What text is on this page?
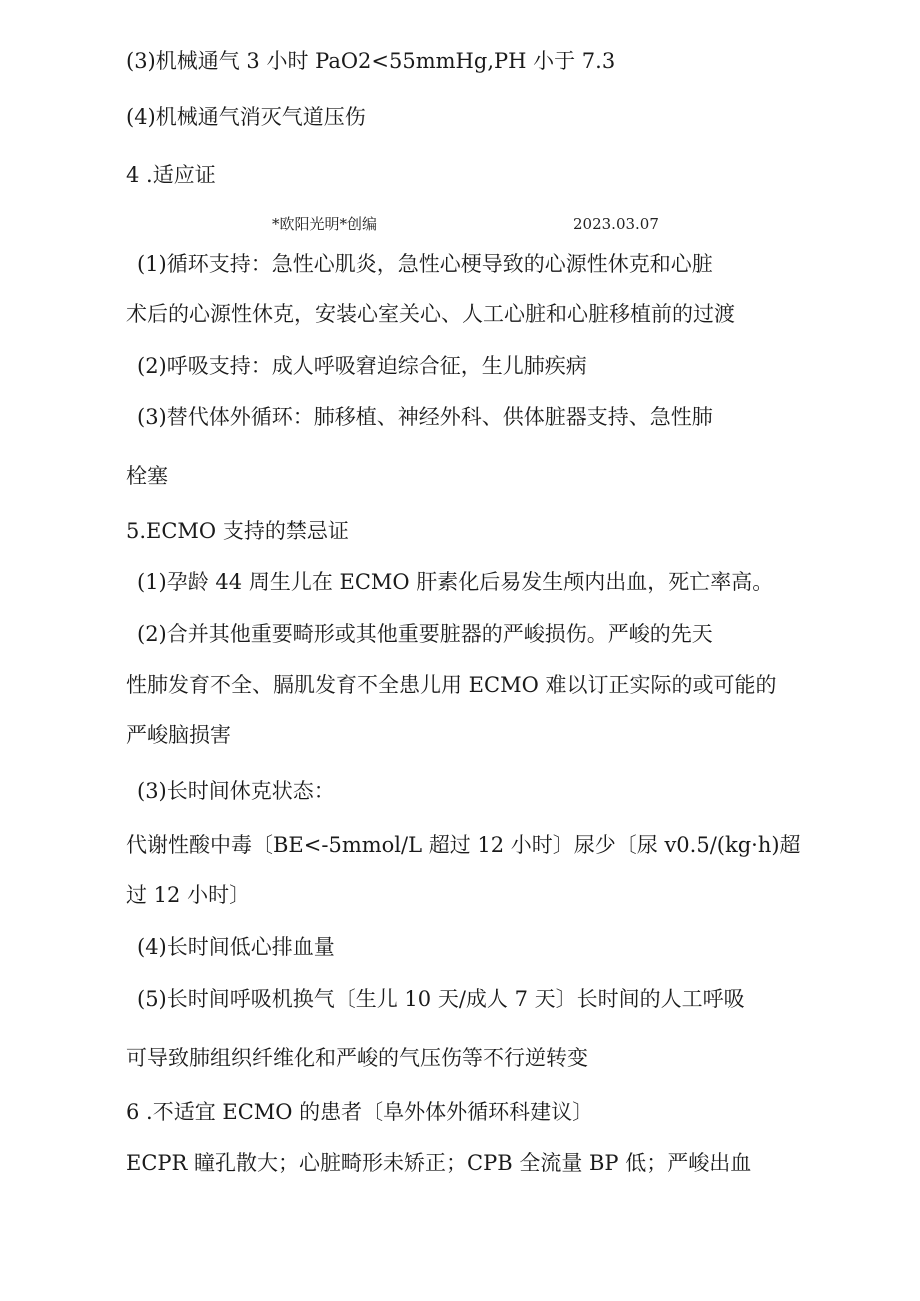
(3)机械通气 3 小时 PaO2<55mmHg,PH 小于 7.3
(4)机械通气消灭气道压伤
4 .适应证
*欧阳光明*创编	2023.03.07
(1)循环支持：急性心肌炎，急性心梗导致的心源性休克和心脏
术后的心源性休克，安装心室关心、人工心脏和心脏移植前的过渡
(2)呼吸支持：成人呼吸窘迫综合征，生儿肺疾病
(3)替代体外循环：肺移植、神经外科、供体脏器支持、急性肺
栓塞
5.ECMO 支持的禁忌证
(1)孕龄 44 周生儿在 ECMO 肝素化后易发生颅内出血，死亡率高。
(2)合并其他重要畸形或其他重要脏器的严峻损伤。严峻的先天
性肺发育不全、膈肌发育不全患儿用 ECMO 难以订正实际的或可能的
严峻脑损害
(3)长时间休克状态：
代谢性酸中毒〔BE<-5mmol/L 超过 12 小时〕尿少〔尿 v0.5/(kg·h)超
过 12 小时〕
(4)长时间低心排血量
(5)长时间呼吸机换气〔生儿 10 天/成人 7 天〕长时间的人工呼吸
可导致肺组织纤维化和严峻的气压伤等不行逆转变
6 .不适宜 ECMO 的患者〔阜外体外循环科建议〕
ECPR 瞳孔散大；心脏畸形未矫正；CPB 全流量 BP 低；严峻出血
